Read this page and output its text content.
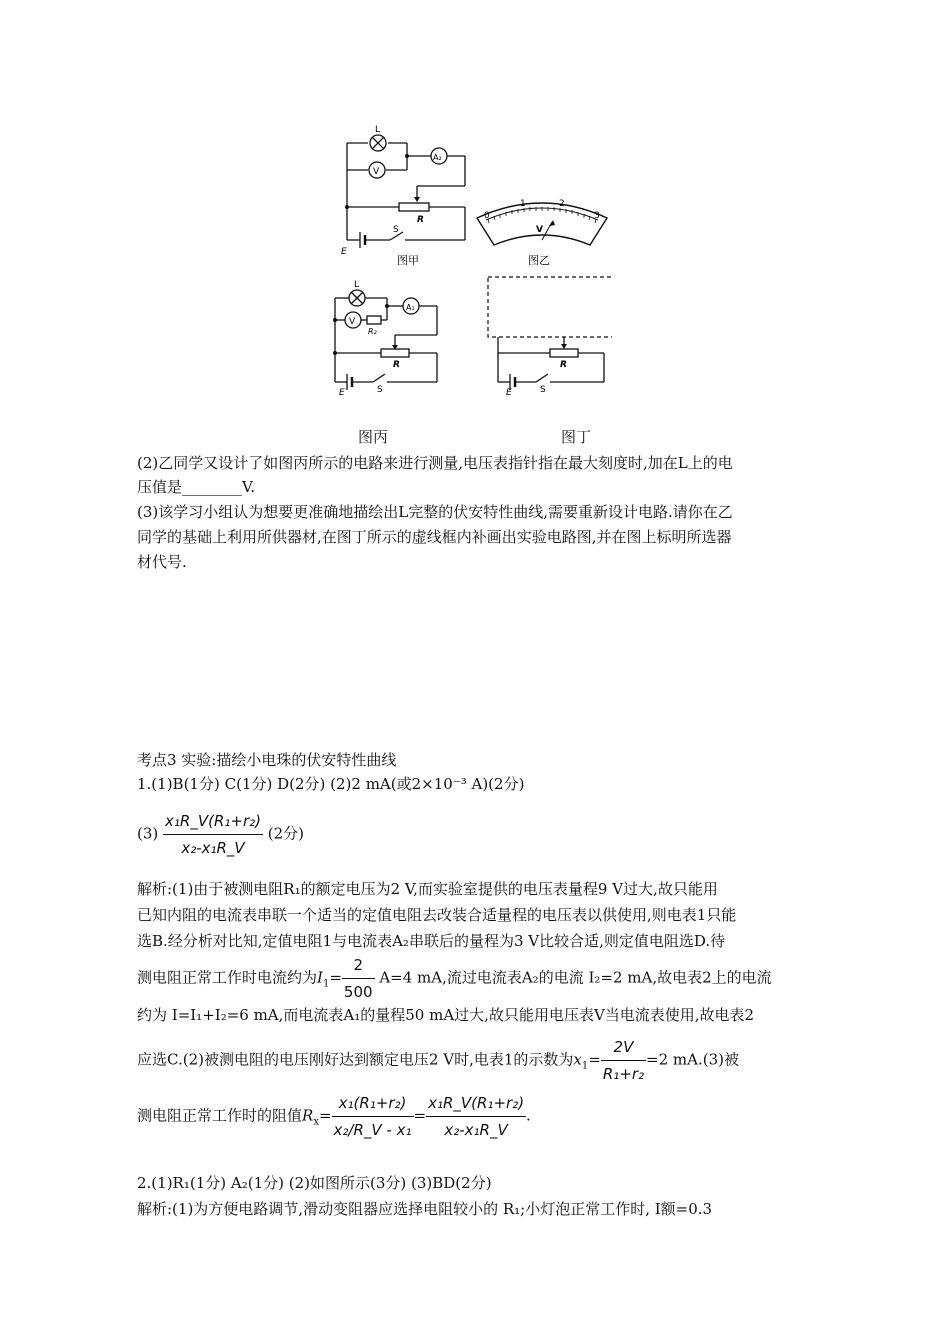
L
V
A₂
R
E
S
图甲
0
1	2
3
V
图乙
L
V
A₁
R₂
R
E	S
R
E	S
图丙	图丁
(2)乙同学又设计了如图丙所示的电路来进行测量,电压表指针指在最大刻度时,加在L上的电
压值是________V.
(3)该学习小组认为想要更准确地描绘出L完整的伏安特性曲线,需要重新设计电路.请你在乙
同学的基础上利用所供器材,在图丁所示的虚线框内补画出实验电路图,并在图上标明所选器
材代号.
考点3 实验:描绘小电珠的伏安特性曲线
1.(1)B(1分) C(1分) D(2分) (2)2 mA(或2×10⁻³ A)(2分)
$(3) \frac{\text{x₁R\_V(R₁+r₂)}}{\text{x₂-x₁R\_V}} (2$分)
解析:(1)由于被测电阻R₁的额定电压为2 V,而实验室提供的电压表量程9 V过大,故只能用
已知内阻的电流表串联一个适当的定值电阻去改装合适量程的电压表以供使用,则电表1只能
选B.经分析对比知,定值电阻1与电流表A₂串联后的量程为3 V比较合适,则定值电阻选D.待
测电阻正常工作时电流约为$I_1= \frac{2}{500} A=4$ mA,流过电流表A₂的电流 I₂=2 mA,故电表2上的电流
约为 I=I₁+I₂=6 mA,而电流表A₁的量程50 mA过大,故只能用电压表V当电流表使用,故电表2
应选C.(2)被测电阻的电压刚好达到额定电压2 V时,电表1的示数为$x_1= \frac{2V}{\text{R₁+r₂}} =2$ mA.(3)被
测电阻正常工作时的阻值$R_x= \frac{\text{x₁(R₁+r₂)}}{\text{x₂/R\_V - x₁}} = \frac{\text{x₁R\_V(R₁+r₂)}}{\text{x₂-x₁R\_V}}$ .
2.(1)R₁(1分) A₂(1分) (2)如图所示(3分) (3)BD(2分)
解析:(1)为方便电路调节,滑动变阻器应选择电阻较小的 R₁;小灯泡正常工作时, I额=0.3
